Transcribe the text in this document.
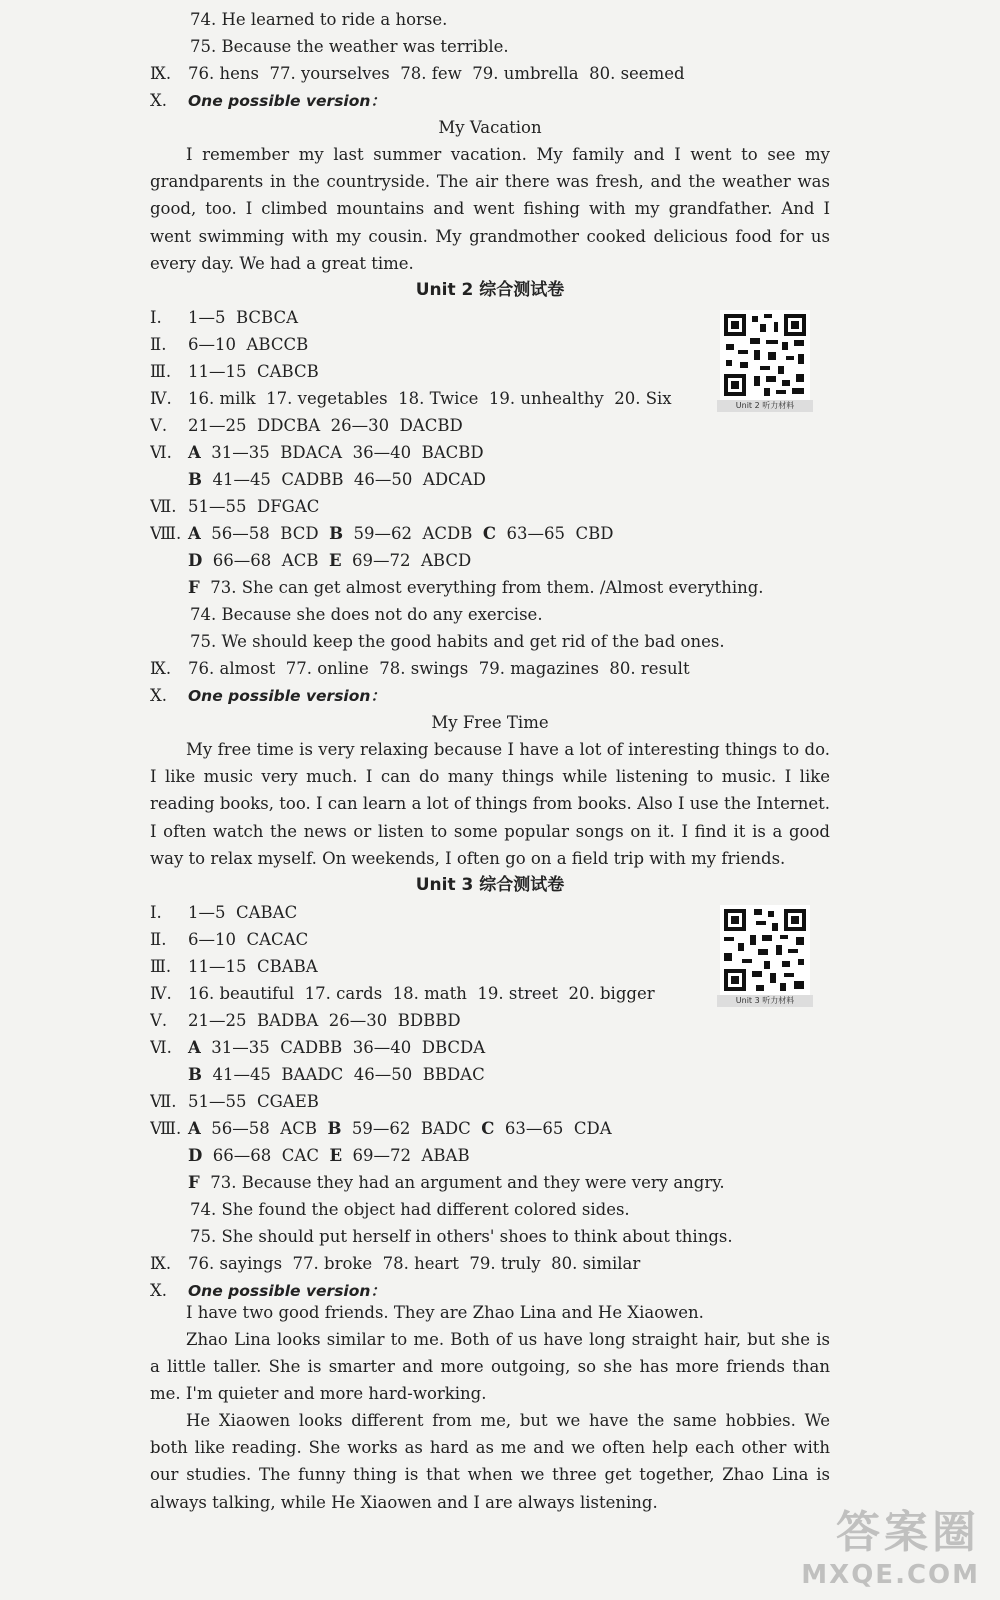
74. He learned to ride a horse.
75. Because the weather was terrible.
Ⅸ. 76. hens  77. yourselves  78. few  79. umbrella  80. seemed
Ⅹ. One possible version：
My Vacation

I remember my last summer vacation. My family and I went to see my grandparents in the countryside. The air there was fresh, and the weather was good, too. I climbed mountains and went fishing with my grandfather. And I went swimming with my cousin. My grandmother cooked delicious food for us every day. We had a great time.

Unit 2 综合测试卷
Unit 2 听力材料
Ⅰ. 1—5  BCBCA
Ⅱ. 6—10  ABCCB
Ⅲ. 11—15  CABCB
Ⅳ. 16. milk  17. vegetables  18. Twice  19. unhealthy  20. Six
Ⅴ. 21—25  DDCBA  26—30  DACBD
Ⅵ. A  31—35  BDACA  36—40  BACBD
B  41—45  CADBB  46—50  ADCAD
Ⅶ. 51—55  DFGAC
Ⅷ. A  56—58  BCD  B  59—62  ACDB  C  63—65  CBD
D  66—68  ACB  E  69—72  ABCD
F  73. She can get almost everything from them. /Almost everything.
74. Because she does not do any exercise.
75. We should keep the good habits and get rid of the bad ones.
Ⅸ. 76. almost  77. online  78. swings  79. magazines  80. result
Ⅹ. One possible version：
My Free Time

My free time is very relaxing because I have a lot of interesting things to do. I like music very much. I can do many things while listening to music. I like reading books, too. I can learn a lot of things from books. Also I use the Internet. I often watch the news or listen to some popular songs on it. I find it is a good way to relax myself. On weekends, I often go on a field trip with my friends.

Unit 3 综合测试卷
Unit 3 听力材料
Ⅰ. 1—5  CABAC
Ⅱ. 6—10  CACAC
Ⅲ. 11—15  CBABA
Ⅳ. 16. beautiful  17. cards  18. math  19. street  20. bigger
Ⅴ. 21—25  BADBA  26—30  BDBBD
Ⅵ. A  31—35  CADBB  36—40  DBCDA
B  41—45  BAADC  46—50  BBDAC
Ⅶ. 51—55  CGAEB
Ⅷ. A  56—58  ACB  B  59—62  BADC  C  63—65  CDA
D  66—68  CAC  E  69—72  ABAB
F  73. Because they had an argument and they were very angry.
74. She found the object had different colored sides.
75. She should put herself in others' shoes to think about things.
Ⅸ. 76. sayings  77. broke  78. heart  79. truly  80. similar
Ⅹ. One possible version：

I have two good friends. They are Zhao Lina and He Xiaowen.

Zhao Lina looks similar to me. Both of us have long straight hair, but she is a little taller. She is smarter and more outgoing, so she has more friends than me. I'm quieter and more hard-working.

He Xiaowen looks different from me, but we have the same hobbies. We both like reading. She works as hard as me and we often help each other with our studies. The funny thing is that when we three get together, Zhao Lina is always talking, while He Xiaowen and I are always listening.

答案圈
MXQE.COM
